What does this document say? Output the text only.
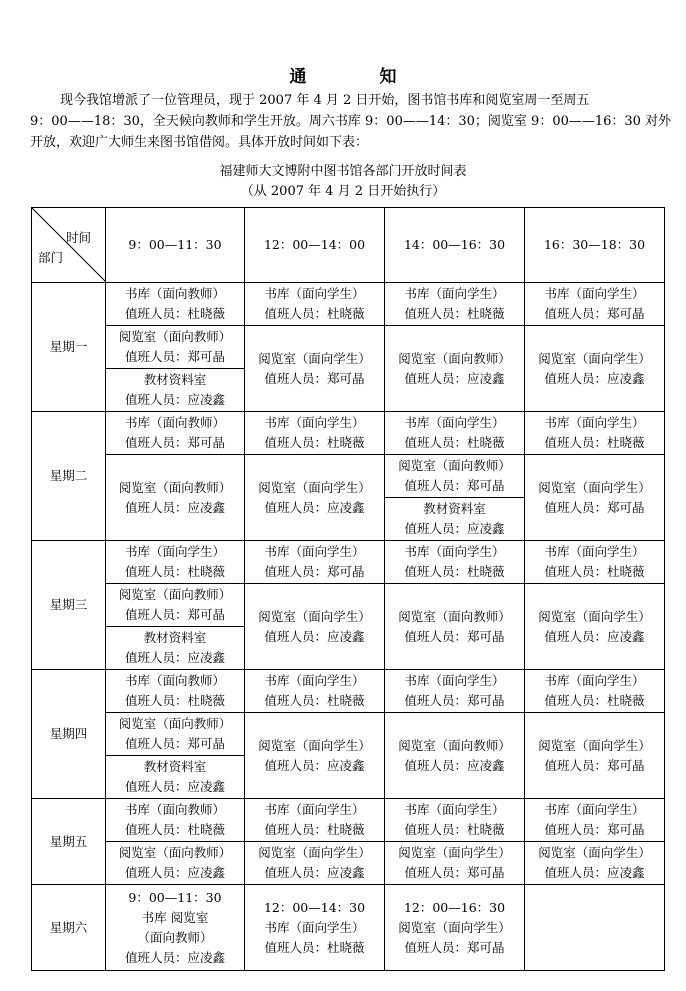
通　知
现今我馆增派了一位管理员，现于 2007 年 4 月 2 日开始，图书馆书库和阅览室周一至周五
9：00——18：30，全天候向教师和学生开放。周六书库 9：00——14：30；阅览室 9：00——16：30 对外
开放，欢迎广大师生来图书馆借阅。具体开放时间如下表：
福建师大文博附中图书馆各部门开放时间表
（从 2007 年 4 月 2 日开始执行）
时间
部门	9：00—11：30	12：00—14：00	14：00—16：30	16：30—18：30
星期一	书库（面向教师）
值班人员：杜晓薇	书库（面向学生）
值班人员：杜晓薇	书库（面向学生）
值班人员：杜晓薇	书库（面向学生）
值班人员：郑可晶

	阅览室（面向教师）
值班人员：郑可晶	阅览室（面向学生）
值班人员：郑可晶	阅览室（面向教师）
值班人员：应凌鑫	阅览室（面向学生）
值班人员：应凌鑫

	教材资料室
值班人员：应凌鑫			

星期二	书库（面向教师）
值班人员：郑可晶	书库（面向学生）
值班人员：杜晓薇	书库（面向学生）
值班人员：杜晓薇	书库（面向学生）
值班人员：杜晓薇

	阅览室（面向教师）
值班人员：应凌鑫	阅览室（面向学生）
值班人员：应凌鑫	阅览室（面向教师）
值班人员：郑可晶	阅览室（面向学生）
值班人员：郑可晶

			教材资料室
值班人员：应凌鑫	

星期三	书库（面向学生）
值班人员：杜晓薇	书库（面向学生）
值班人员：郑可晶	书库（面向学生）
值班人员：杜晓薇	书库（面向学生）
值班人员：杜晓薇

	阅览室（面向教师）
值班人员：郑可晶	阅览室（面向学生）
值班人员：应凌鑫	阅览室（面向教师）
值班人员：郑可晶	阅览室（面向学生）
值班人员：应凌鑫

	教材资料室
值班人员：应凌鑫			

星期四	书库（面向教师）
值班人员：杜晓薇	书库（面向学生）
值班人员：杜晓薇	书库（面向学生）
值班人员：郑可晶	书库（面向学生）
值班人员：杜晓薇

	阅览室（面向教师）
值班人员：郑可晶	阅览室（面向学生）
值班人员：应凌鑫	阅览室（面向教师）
值班人员：应凌鑫	阅览室（面向学生）
值班人员：郑可晶

	教材资料室
值班人员：应凌鑫			

星期五	书库（面向教师）
值班人员：杜晓薇	书库（面向学生）
值班人员：杜晓薇	书库（面向学生）
值班人员：杜晓薇	书库（面向学生）
值班人员：郑可晶

	阅览室（面向教师）
值班人员：应凌鑫	阅览室（面向学生）
值班人员：应凌鑫	阅览室（面向学生）
值班人员：郑可晶	阅览室（面向学生）
值班人员：应凌鑫

星期六	9：00—11：30
书库 阅览室
（面向教师）
值班人员：应凌鑫	12：00—14：30
书库（面向学生）
值班人员：杜晓薇	12：00—16：30
阅览室（面向学生）
值班人员：郑可晶	
